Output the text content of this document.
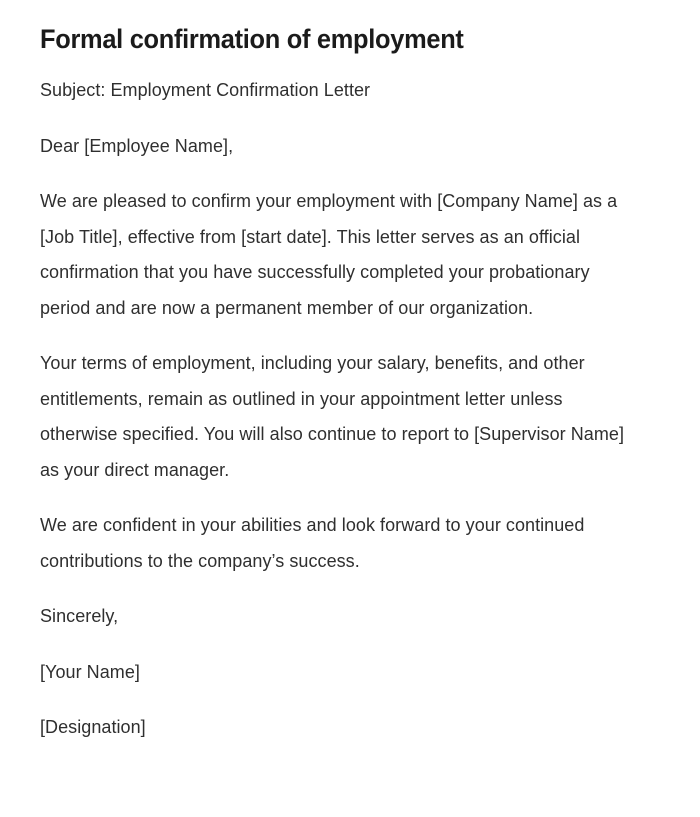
Formal confirmation of employment

Subject: Employment Confirmation Letter

Dear [Employee Name],

We are pleased to confirm your employment with [Company Name] as a [Job Title], effective from [start date]. This letter serves as an official confirmation that you have successfully completed your probationary period and are now a permanent member of our organization.

Your terms of employment, including your salary, benefits, and other entitlements, remain as outlined in your appointment letter unless otherwise specified. You will also continue to report to [Supervisor Name] as your direct manager.

We are confident in your abilities and look forward to your continued contributions to the company’s success.

Sincerely,

[Your Name]

[Designation]
